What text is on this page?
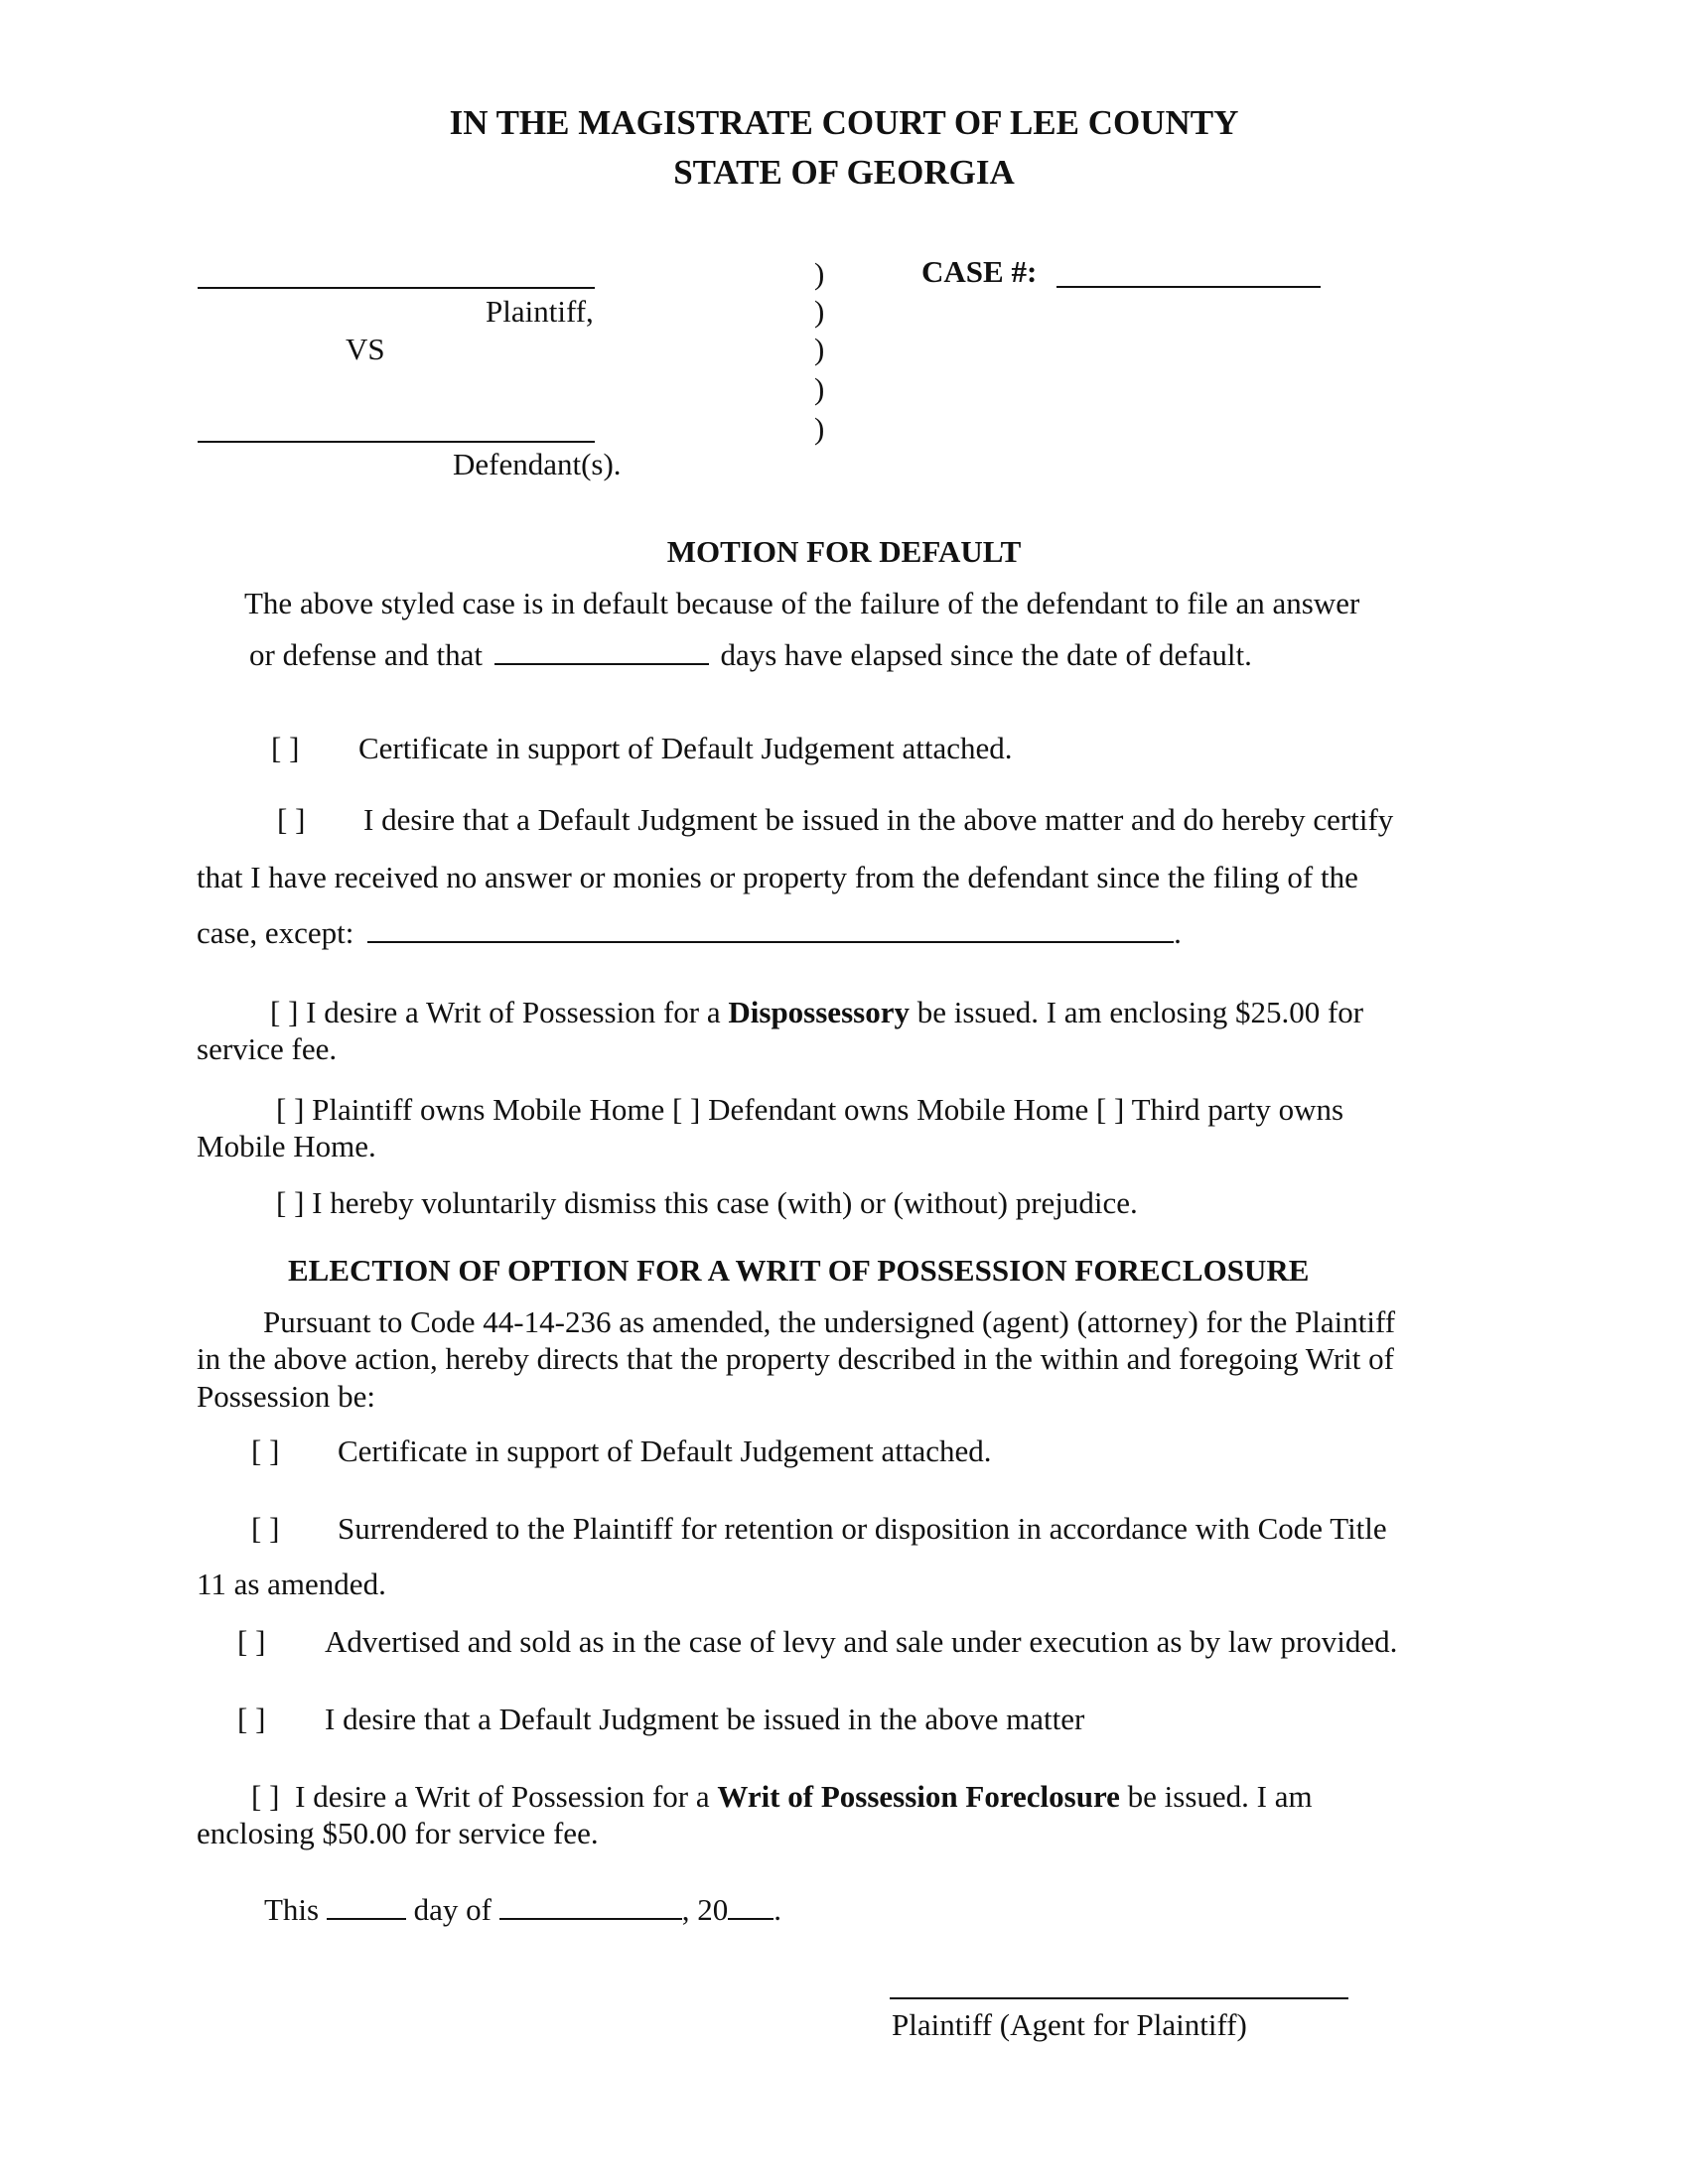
IN THE MAGISTRATE COURT OF LEE COUNTY
STATE OF GEORGIA
Plaintiff,
VS
Defendant(s).
)
)
)
)
)
CASE #:
MOTION FOR DEFAULT
The above styled case is in default because of the failure of the defendant to file an answer
or defense and that	days have elapsed since the date of default.
[ ] Certificate in support of Default Judgement attached.
[ ] I desire that a Default Judgment be issued in the above matter and do hereby certify
that I have received no answer or monies or property from the defendant since the filing of the
case, except:	.
[ ] I desire a Writ of Possession for a Dispossessory be issued. I am enclosing $25.00 for
service fee.
[ ] Plaintiff owns Mobile Home [ ] Defendant owns Mobile Home [ ] Third party owns
Mobile Home.
[ ] I hereby voluntarily dismiss this case (with) or (without) prejudice.
ELECTION OF OPTION FOR A WRIT OF POSSESSION FORECLOSURE
Pursuant to Code 44-14-236 as amended, the undersigned (agent) (attorney) for the Plaintiff
in the above action, hereby directs that the property described in the within and foregoing Writ of
Possession be:
[ ] Certificate in support of Default Judgement attached.
[ ] Surrendered to the Plaintiff for retention or disposition in accordance with Code Title
11 as amended.
[ ] Advertised and sold as in the case of levy and sale under execution as by law provided.
[ ] I desire that a Default Judgment be issued in the above matter
[ ] I desire a Writ of Possession for a Writ of Possession Foreclosure be issued. I am
enclosing $50.00 for service fee.
This	day of	, 20 .
Plaintiff (Agent for Plaintiff)
